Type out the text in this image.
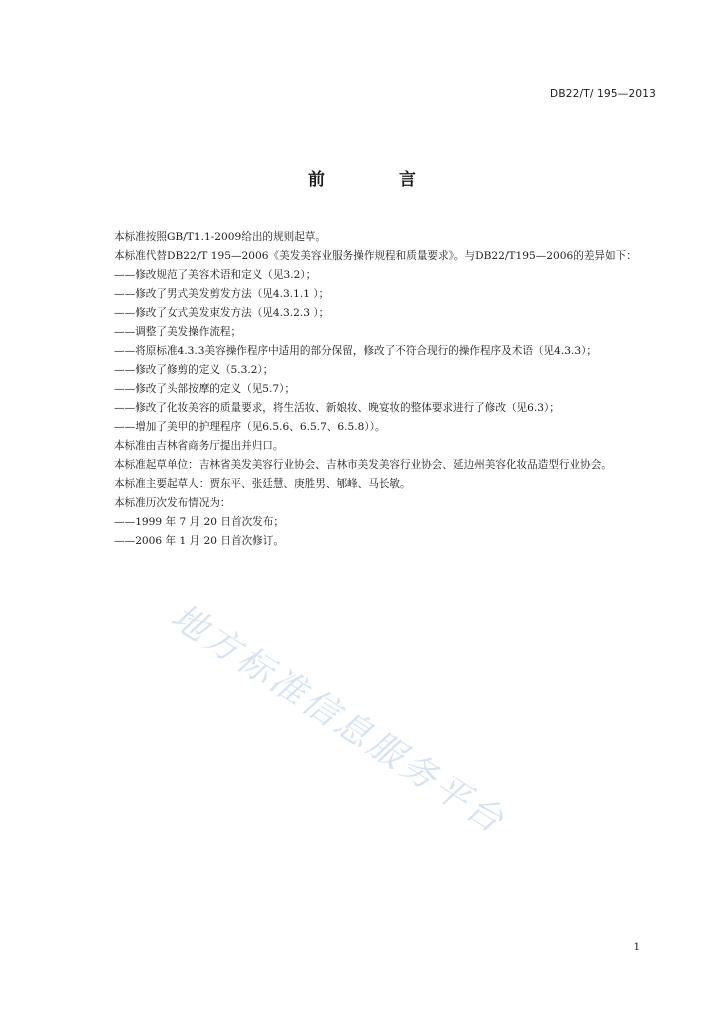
DB22/T/ 195—2013
前 言

本标准按照GB/T1.1-2009给出的规则起草。

本标准代替DB22/T 195—2006《美发美容业服务操作规程和质量要求》。与DB22/T195—2006的差异如下：

——修改规范了美容术语和定义（见3.2）；

——修改了男式美发剪发方法（见4.3.1.1 ）；

——修改了女式美发束发方法（见4.3.2.3 ）；

——调整了美发操作流程；

——将原标准4.3.3美容操作程序中适用的部分保留，修改了不符合现行的操作程序及术语（见4.3.3）；

——修改了修剪的定义（5.3.2）；

——修改了头部按摩的定义（见5.7）；

——修改了化妆美容的质量要求，将生活妆、新娘妆、晚宴妆的整体要求进行了修改（见6.3）；

——增加了美甲的护理程序（见6.5.6、6.5.7、6.5.8））。

本标准由吉林省商务厅提出并归口。

本标准起草单位：吉林省美发美容行业协会、吉林市美发美容行业协会、延边州美容化妆品造型行业协会。

本标准主要起草人：贾东平、张廷慧、庚胜男、郇峰、马长敏。

本标准历次发布情况为：

——1999 年 7 月 20 日首次发布；

——2006 年 1 月 20 日首次修订。

地方标准信息服务平台
1
